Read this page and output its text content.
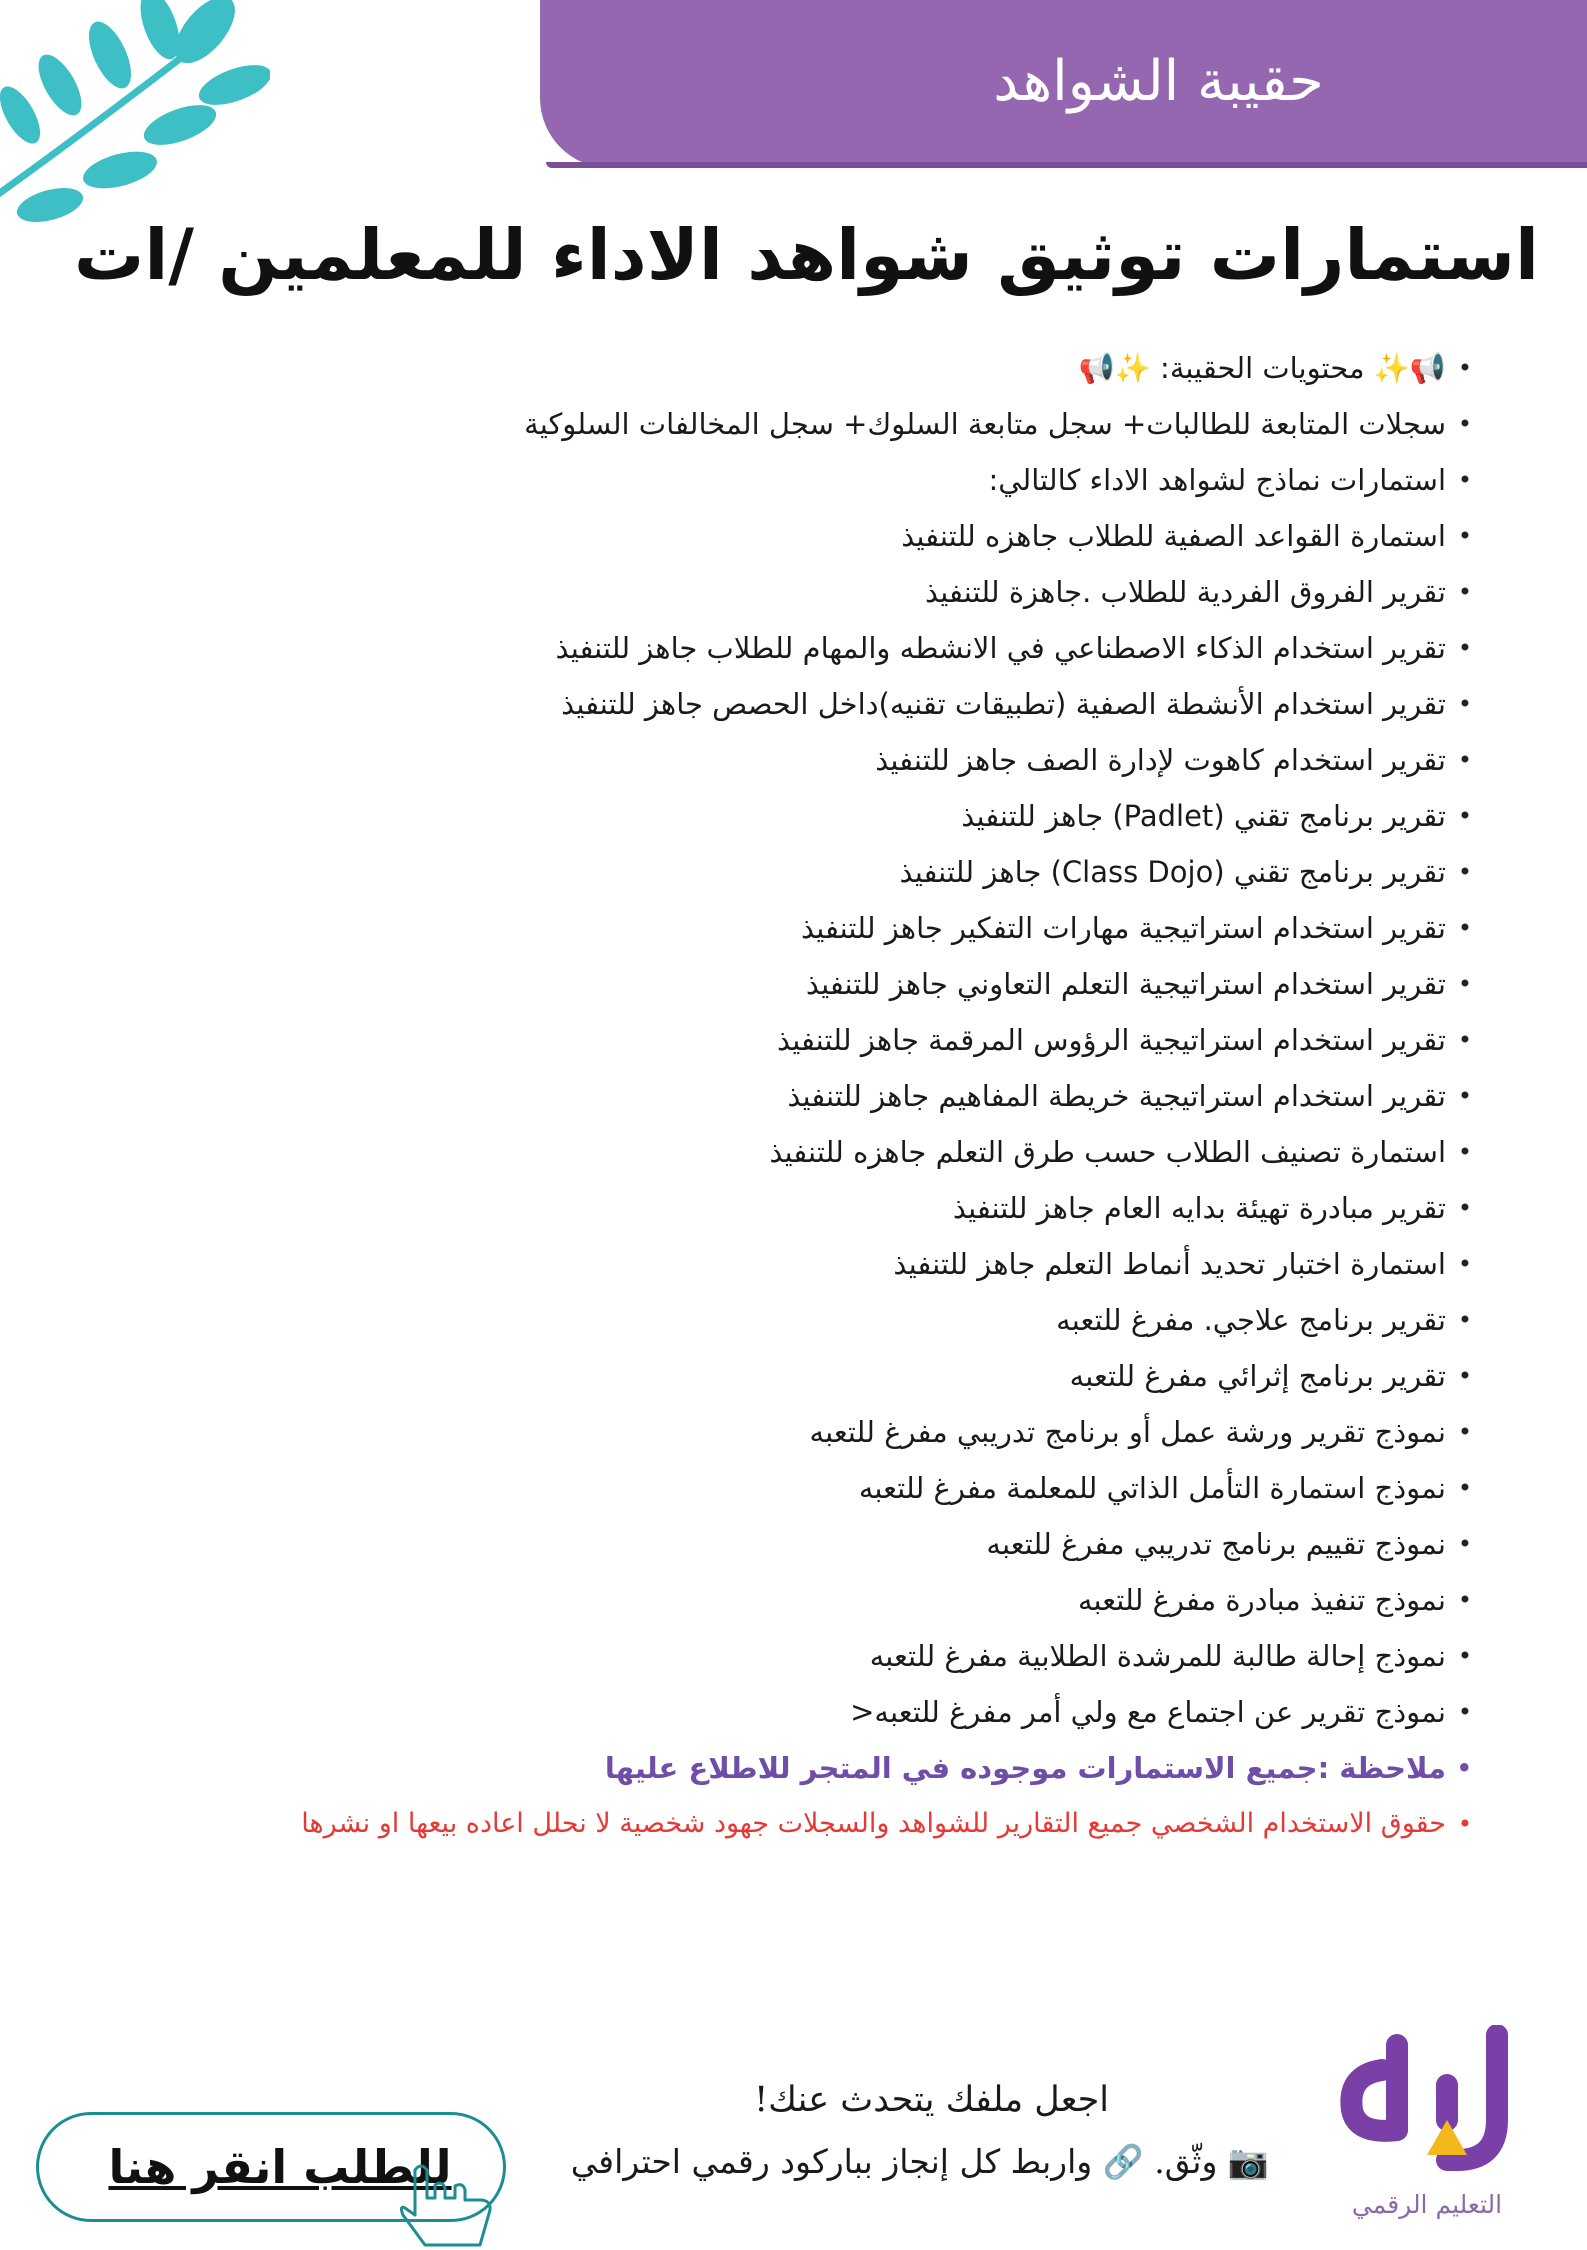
حقيبة الشواهد
استمارات توثيق شواهد الاداء للمعلمين /ات
• 📢✨ محتويات الحقيبة: ✨📢
• سجلات المتابعة للطالبات+ سجل متابعة السلوك+ سجل المخالفات السلوكية
• استمارات نماذج لشواهد الاداء كالتالي:
• استمارة القواعد الصفية للطلاب جاهزه للتنفيذ
• تقرير الفروق الفردية للطلاب .جاهزة للتنفيذ
• تقرير استخدام الذكاء الاصطناعي في الانشطه والمهام للطلاب جاهز للتنفيذ
• تقرير استخدام الأنشطة الصفية (تطبيقات تقنيه)داخل الحصص جاهز للتنفيذ
• تقرير استخدام كاهوت لإدارة الصف جاهز للتنفيذ
• تقرير برنامج تقني (Padlet) جاهز للتنفيذ
• تقرير برنامج تقني (Class Dojo) جاهز للتنفيذ
• تقرير استخدام استراتيجية مهارات التفكير جاهز للتنفيذ
• تقرير استخدام استراتيجية التعلم التعاوني جاهز للتنفيذ
• تقرير استخدام استراتيجية الرؤوس المرقمة جاهز للتنفيذ
• تقرير استخدام استراتيجية خريطة المفاهيم جاهز للتنفيذ
• استمارة تصنيف الطلاب حسب طرق التعلم جاهزه للتنفيذ
• تقرير مبادرة تهيئة بدايه العام جاهز للتنفيذ
• استمارة اختبار تحديد أنماط التعلم جاهز للتنفيذ
• تقرير برنامج علاجي. مفرغ للتعبه
• تقرير برنامج إثرائي مفرغ للتعبه
• نموذج تقرير ورشة عمل أو برنامج تدريبي مفرغ للتعبه
• نموذج استمارة التأمل الذاتي للمعلمة مفرغ للتعبه
• نموذج تقييم برنامج تدريبي مفرغ للتعبه
• نموذج تنفيذ مبادرة مفرغ للتعبه
• نموذج إحالة طالبة للمرشدة الطلابية مفرغ للتعبه
• نموذج تقرير عن اجتماع مع ولي أمر مفرغ للتعبه<
• ملاحظة :جميع الاستمارات موجوده في المتجر للاطلاع عليها
• حقوق الاستخدام الشخصي جميع التقارير للشواهد والسجلات جهود شخصية لا نحلل اعاده بيعها او نشرها
التعليم الرقمي
اجعل ملفك يتحدث عنك!
📷 وثّق. 🔗 واربط كل إنجاز بباركود رقمي احترافي
للطلب انقر هنا
